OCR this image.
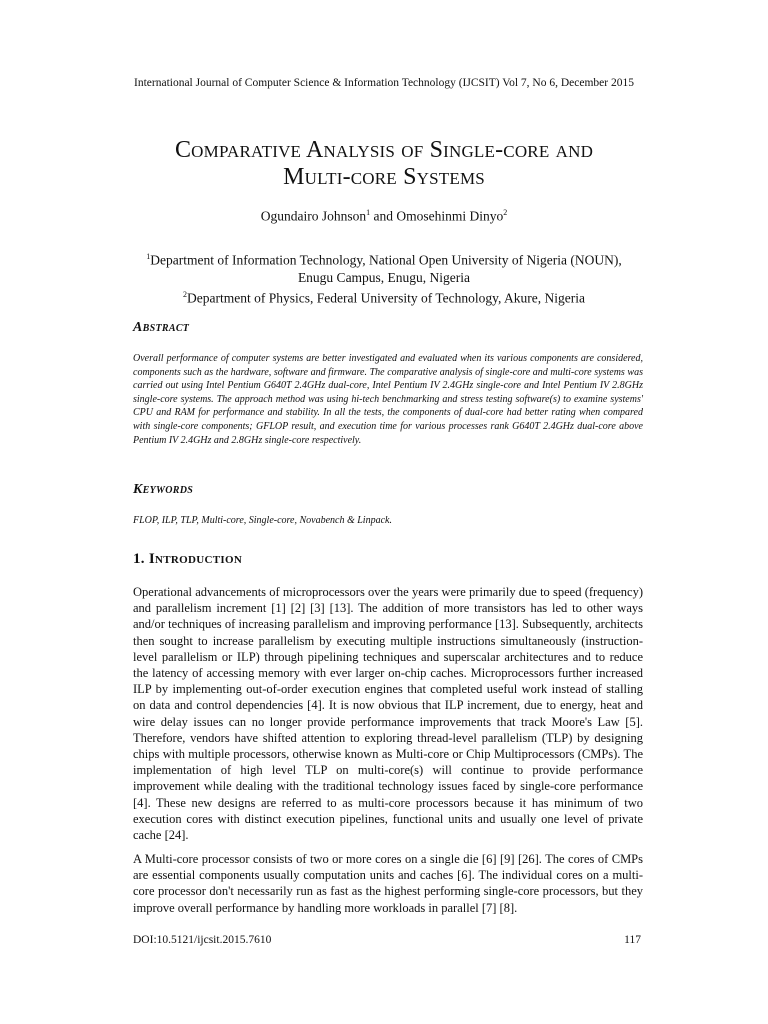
International Journal of Computer Science & Information Technology (IJCSIT) Vol 7, No 6, December 2015
Comparative Analysis of Single-core and
Multi-core Systems
Ogundairo Johnson$^1$ and Omosehinmi Dinyo$^2$
$^1$Department of Information Technology, National Open University of Nigeria (NOUN),
Enugu Campus, Enugu, Nigeria
$^2$Department of Physics, Federal University of Technology, Akure, Nigeria
Abstract
Overall performance of computer systems are better investigated and evaluated when its various components are considered, components such as the hardware, software and firmware. The comparative analysis of single-core and multi-core systems was carried out using Intel Pentium G640T 2.4GHz dual-core, Intel Pentium IV 2.4GHz single-core and Intel Pentium IV 2.8GHz single-core systems. The approach method was using hi-tech benchmarking and stress testing software(s) to examine systems' CPU and RAM for performance and stability. In all the tests, the components of dual-core had better rating when compared with single-core components; GFLOP result, and execution time for various processes rank G640T 2.4GHz dual-core above Pentium IV 2.4GHz and 2.8GHz single-core respectively.
Keywords
FLOP, ILP, TLP, Multi-core, Single-core, Novabench & Linpack.
1. Introduction
Operational advancements of microprocessors over the years were primarily due to speed (frequency) and parallelism increment [1] [2] [3] [13]. The addition of more transistors has led to other ways and/or techniques of increasing parallelism and improving performance [13]. Subsequently, architects then sought to increase parallelism by executing multiple instructions simultaneously (instruction-level parallelism or ILP) through pipelining techniques and superscalar architectures and to reduce the latency of accessing memory with ever larger on-chip caches. Microprocessors further increased ILP by implementing out-of-order execution engines that completed useful work instead of stalling on data and control dependencies [4]. It is now obvious that ILP increment, due to energy, heat and wire delay issues can no longer provide performance improvements that track Moore's Law [5]. Therefore, vendors have shifted attention to exploring thread-level parallelism (TLP) by designing chips with multiple processors, otherwise known as Multi-core or Chip Multiprocessors (CMPs). The implementation of high level TLP on multi-core(s) will continue to provide performance improvement while dealing with the traditional technology issues faced by single-core performance [4]. These new designs are referred to as multi-core processors because it has minimum of two execution cores with distinct execution pipelines, functional units and usually one level of private cache [24].
A Multi-core processor consists of two or more cores on a single die [6] [9] [26]. The cores of CMPs are essential components usually computation units and caches [6]. The individual cores on a multi-core processor don't necessarily run as fast as the highest performing single-core processors, but they improve overall performance by handling more workloads in parallel [7] [8].
DOI:10.5121/ijcsit.2015.7610	117
